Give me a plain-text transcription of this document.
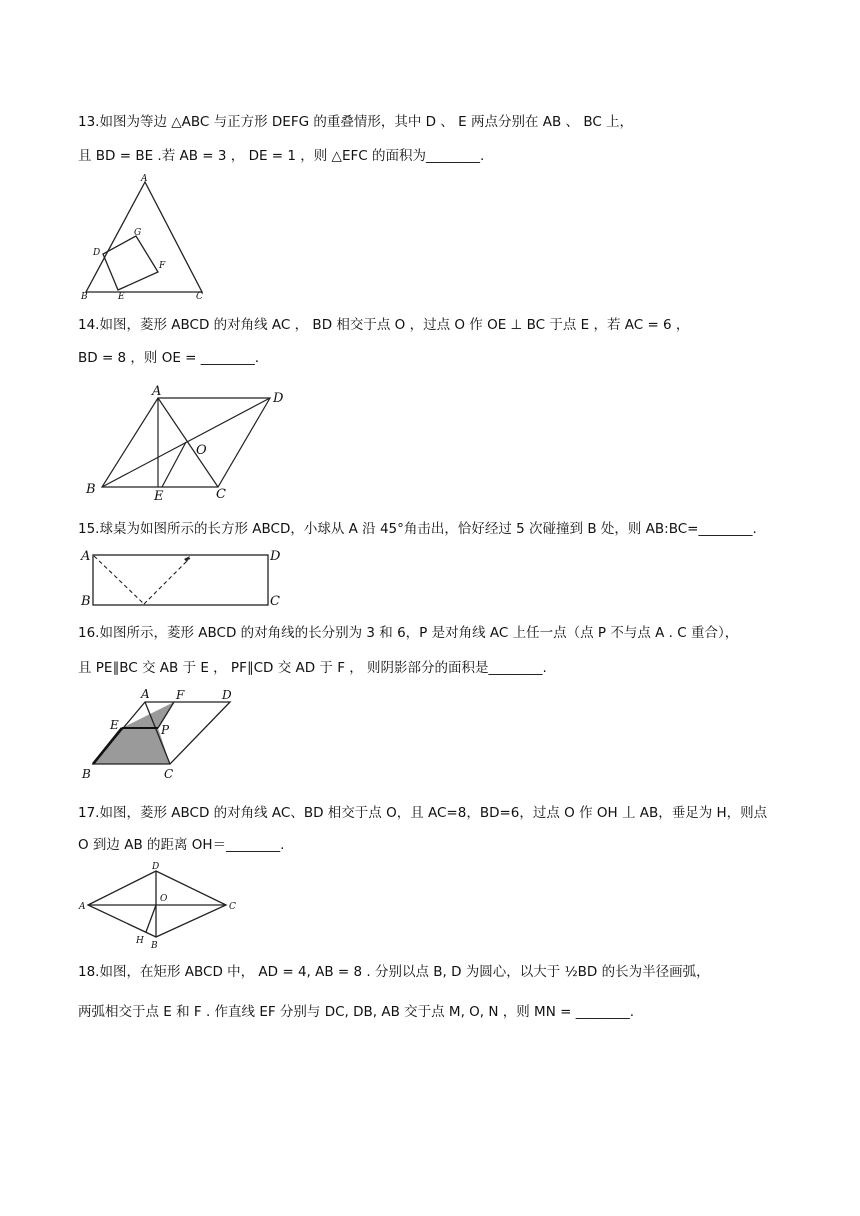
13.如图为等边 △ABC 与正方形 DEFG 的重叠情形，其中 D 、 E 两点分别在 AB 、 BC 上，
且 BD = BE .若 AB = 3 ， DE = 1 ，则 △EFC 的面积为________.
A
B	C
D
E
F
G
14.如图，菱形 ABCD 的对角线 AC ， BD 相交于点 O ，过点 O 作 OE ⊥ BC 于点 E ，若 AC = 6 ，
BD = 8 ，则 OE = ________.
A
B	C
D
E
O
15.球桌为如图所示的长方形 ABCD，小球从 A 沿 45°角击出，恰好经过 5 次碰撞到 B 处，则 AB:BC=________.
A
B	C
D
16.如图所示，菱形 ABCD 的对角线的长分别为 3 和 6，P 是对角线 AC 上任一点（点 P 不与点 A . C 重合），
且 PE∥BC 交 AB 于 E ， PF∥CD 交 AD 于 F ， 则阴影部分的面积是________.
A
B	C
D
E
F
P
17.如图，菱形 ABCD 的对角线 AC、BD 相交于点 O，且 AC=8，BD=6，过点 O 作 OH 丄 AB，垂足为 H，则点
O 到边 AB 的距离 OH＝________.
A
B
C
D
H
O
18.如图，在矩形 ABCD 中， AD = 4, AB = 8 . 分别以点 B, D 为圆心，以大于 ½BD 的长为半径画弧，
两弧相交于点 E 和 F . 作直线 EF 分别与 DC, DB, AB 交于点 M, O, N ，则 MN = ________.
